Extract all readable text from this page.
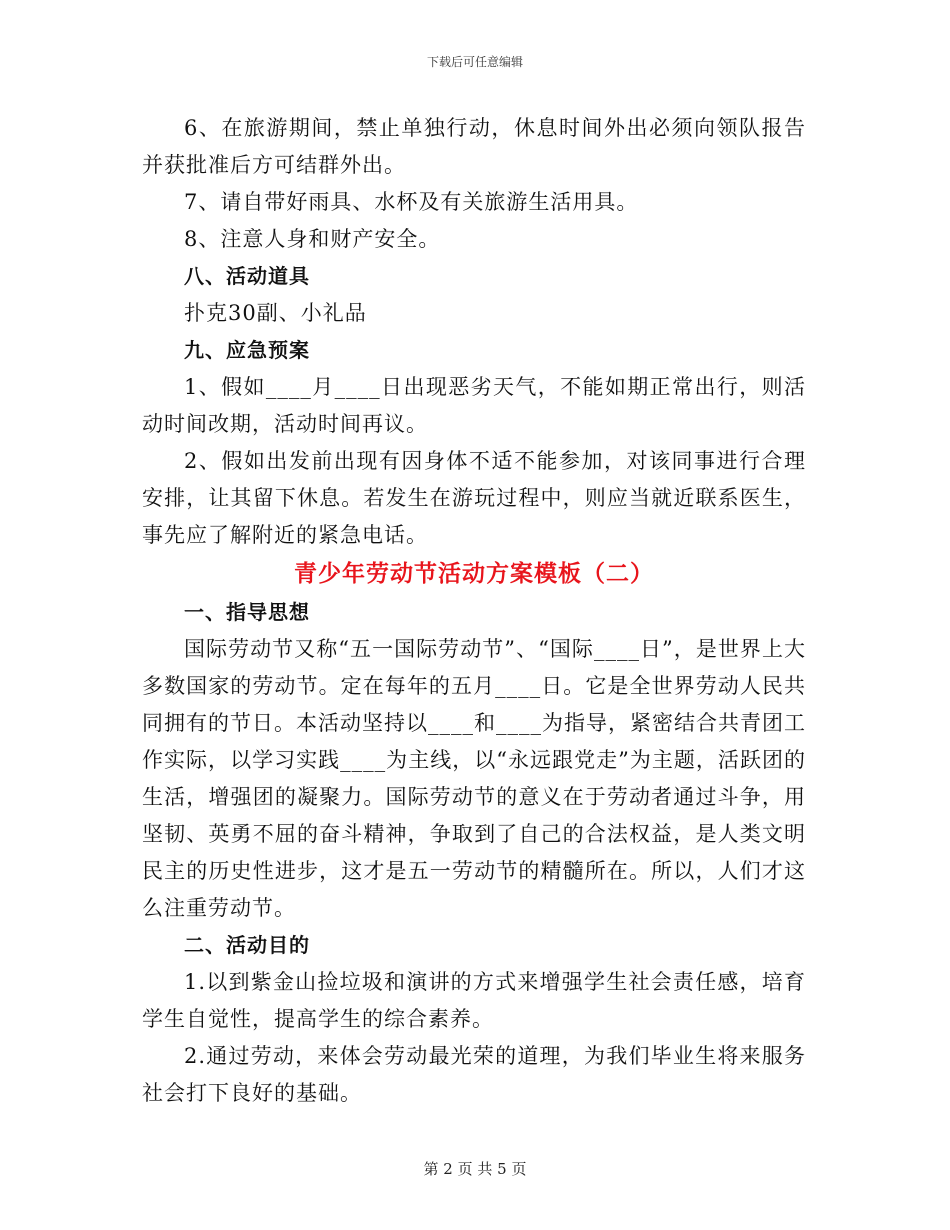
下载后可任意编辑

6、在旅游期间，禁止单独行动，休息时间外出必须向领队报告并获批准后方可结群外出。

7、请自带好雨具、水杯及有关旅游生活用具。

8、注意人身和财产安全。

八、活动道具

扑克30副、小礼品

九、应急预案

1、假如____月____日出现恶劣天气，不能如期正常出行，则活动时间改期，活动时间再议。

2、假如出发前出现有因身体不适不能参加，对该同事进行合理安排，让其留下休息。若发生在游玩过程中，则应当就近联系医生，事先应了解附近的紧急电话。

青少年劳动节活动方案模板（二）

一、指导思想

国际劳动节又称“五一国际劳动节”、“国际____日”，是世界上大多数国家的劳动节。定在每年的五月____日。它是全世界劳动人民共同拥有的节日。本活动坚持以____和____为指导，紧密结合共青团工作实际，以学习实践____为主线，以“永远跟党走”为主题，活跃团的生活，增强团的凝聚力。国际劳动节的意义在于劳动者通过斗争，用坚韧、英勇不屈的奋斗精神，争取到了自己的合法权益，是人类文明民主的历史性进步，这才是五一劳动节的精髓所在。所以，人们才这么注重劳动节。

二、活动目的

1.以到紫金山捡垃圾和演讲的方式来增强学生社会责任感，培育学生自觉性，提高学生的综合素养。

2.通过劳动，来体会劳动最光荣的道理，为我们毕业生将来服务社会打下良好的基础。

第 2 页 共 5 页
